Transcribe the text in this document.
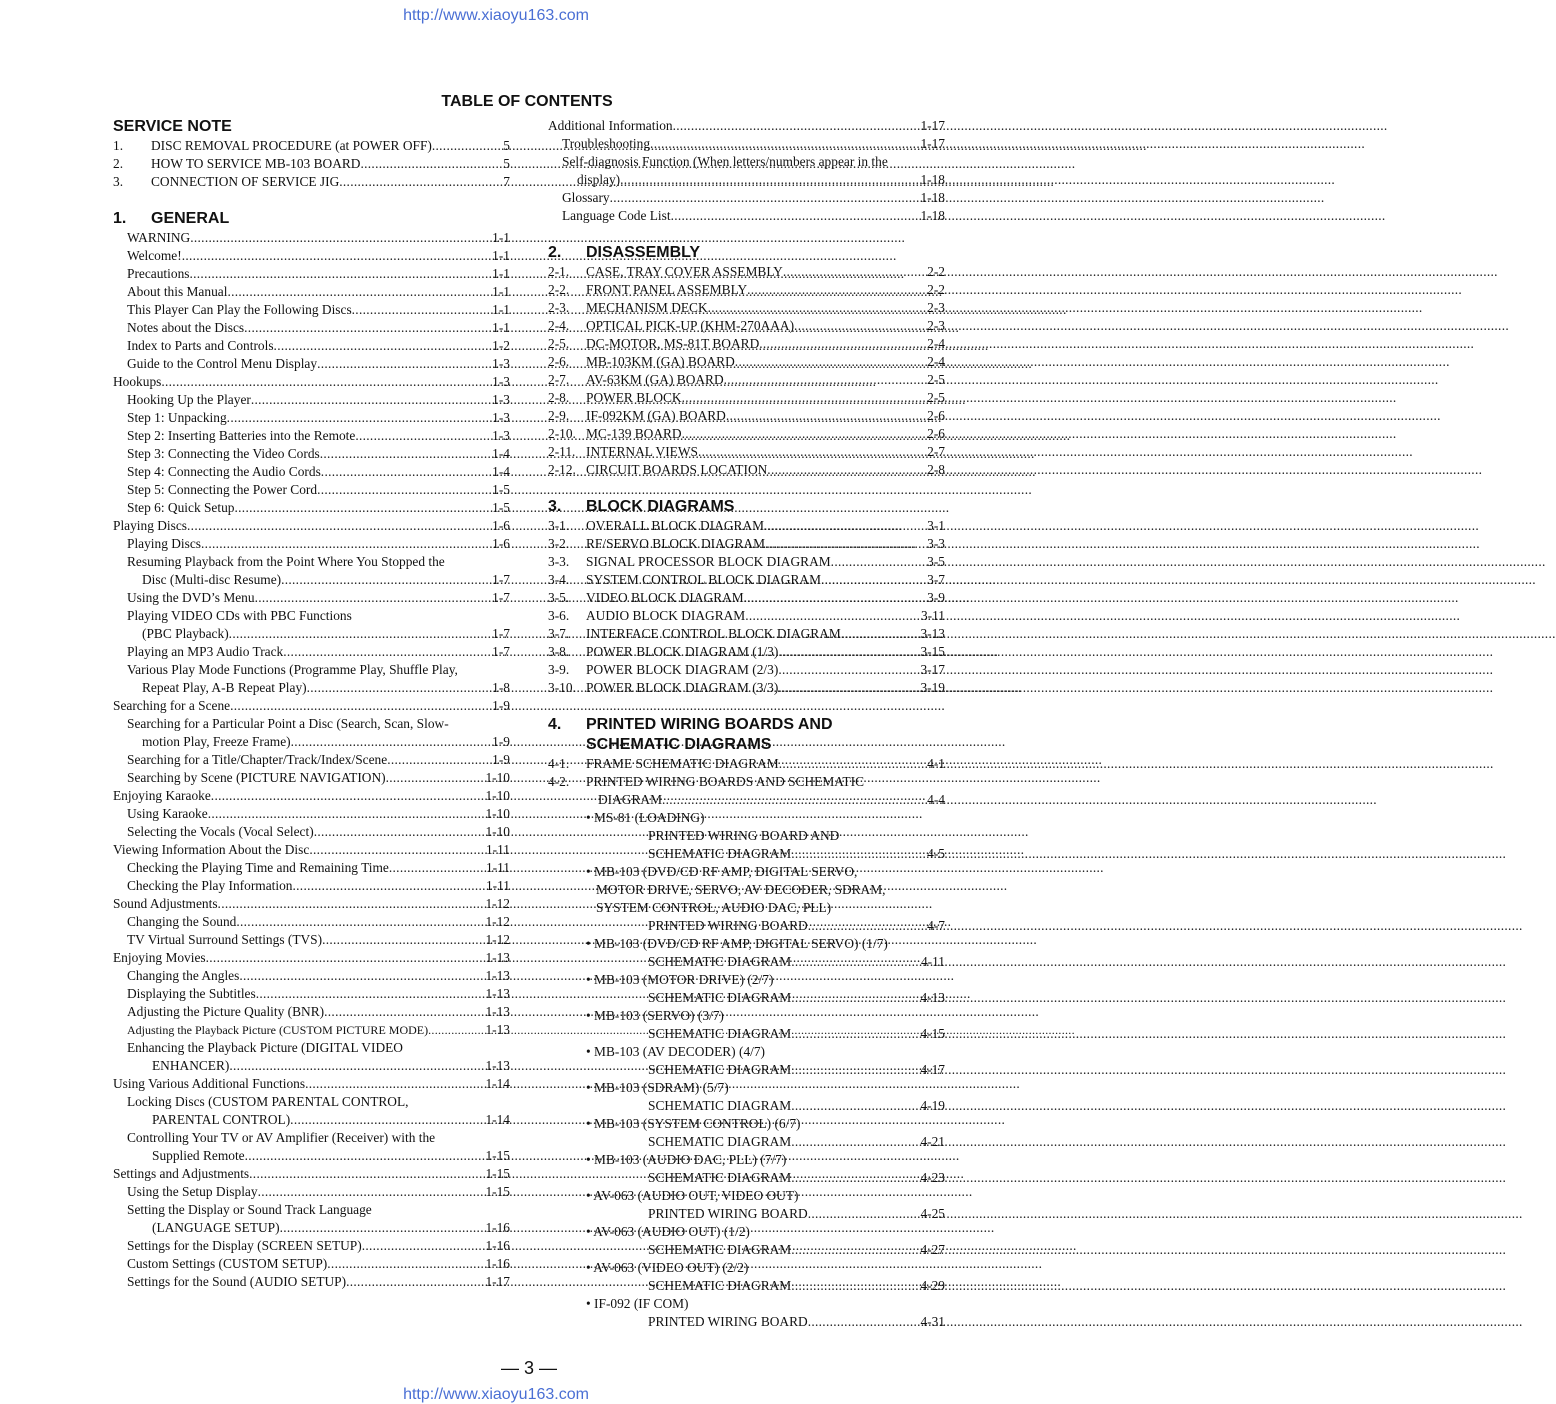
http://www.xiaoyu163.com
TABLE OF CONTENTS
SERVICE NOTE
1.	DISC REMOVAL PROCEDURE (at POWER OFF) .....	5
2.	HOW TO SERVICE MB-103 BOARD .....	5
3.	CONNECTION OF SERVICE JIG .....	7
1.	GENERAL
WARNING .....	1-1
Welcome! .....	1-1
Precautions .....	1-1
About this Manual .....	1-1
This Player Can Play the Following Discs .....	1-1
Notes about the Discs .....	1-1
Index to Parts and Controls .....	1-2
Guide to the Control Menu Display .....	1-3
Hookups .....	1-3
Hooking Up the Player .....	1-3
Step 1: Unpacking .....	1-3
Step 2: Inserting Batteries into the Remote .....	1-3
Step 3: Connecting the Video Cords .....	1-4
Step 4: Connecting the Audio Cords .....	1-4
Step 5: Connecting the Power Cord .....	1-5
Step 6: Quick Setup .....	1-5
Playing Discs .....	1-6
Playing Discs .....	1-6
Resuming Playback from the Point Where You Stopped the
Disc (Multi-disc Resume) .....	1-7
Using the DVD’s Menu .....	1-7
Playing VIDEO CDs with PBC Functions
(PBC Playback) .....	1-7
Playing an MP3 Audio Track .....	1-7
Various Play Mode Functions (Programme Play, Shuffle Play,
Repeat Play, A-B Repeat Play) .....	1-8
Searching for a Scene .....	1-9
Searching for a Particular Point a Disc (Search, Scan, Slow-
motion Play, Freeze Frame) .....	1-9
Searching for a Title/Chapter/Track/Index/Scene .....	1-9
Searching by Scene (PICTURE NAVIGATION) .....	1-10
Enjoying Karaoke .....	1-10
Using Karaoke .....	1-10
Selecting the Vocals (Vocal Select) .....	1-10
Viewing Information About the Disc .....	1-11
Checking the Playing Time and Remaining Time .....	1-11
Checking the Play Information .....	1-11
Sound Adjustments .....	1-12
Changing the Sound .....	1-12
TV Virtual Surround Settings (TVS) .....	1-12
Enjoying Movies .....	1-13
Changing the Angles .....	1-13
Displaying the Subtitles .....	1-13
Adjusting the Picture Quality (BNR) .....	1-13
Adjusting the Playback Picture (CUSTOM PICTURE MODE) .....	1-13
Enhancing the Playback Picture (DIGITAL VIDEO
ENHANCER) .....	1-13
Using Various Additional Functions .....	1-14
Locking Discs (CUSTOM PARENTAL CONTROL,
PARENTAL CONTROL) .....	1-14
Controlling Your TV or AV Amplifier (Receiver) with the
Supplied Remote .....	1-15
Settings and Adjustments .....	1-15
Using the Setup Display .....	1-15
Setting the Display or Sound Track Language
(LANGUAGE SETUP) .....	1-16
Settings for the Display (SCREEN SETUP) .....	1-16
Custom Settings (CUSTOM SETUP) .....	1-16
Settings for the Sound (AUDIO SETUP) .....	1-17
Additional Information .....	1-17
Troubleshooting .....	1-17
Self-diagnosis Function (When letters/numbers appear in the
display) .....	1-18
Glossary .....	1-18
Language Code List .....	1-18
2.	DISASSEMBLY
2-1.	CASE, TRAY COVER ASSEMBLY .....	2-2
2-2.	FRONT PANEL ASSEMBLY .....	2-2
2-3.	MECHANISM DECK .....	2-3
2-4.	OPTICAL PICK-UP (KHM-270AAA) .....	2-3
2-5.	DC-MOTOR, MS-81T BOARD .....	2-4
2-6.	MB-103KM (GA) BOARD .....	2-4
2-7.	AV-63KM (GA) BOARD .....	2-5
2-8.	POWER BLOCK .....	2-5
2-9.	IF-092KM (GA) BOARD .....	2-6
2-10. MC-139 BOARD .....	2-6
2-11. INTERNAL VIEWS .....	2-7
2-12. CIRCUIT BOARDS LOCATION .....	2-8
3.	BLOCK DIAGRAMS
3-1.	OVERALL BLOCK DIAGRAM .....	3-1
3-2.	RF/SERVO BLOCK DIAGRAM .....	3-3
3-3.	SIGNAL PROCESSOR BLOCK DIAGRAM .....	3-5
3-4.	SYSTEM CONTROL BLOCK DIAGRAM .....	3-7
3-5.	VIDEO BLOCK DIAGRAM .....	3-9
3-6.	AUDIO BLOCK DIAGRAM .....	3-11
3-7.	INTERFACE CONTROL BLOCK DIAGRAM .....	3-13
3-8.	POWER BLOCK DIAGRAM (1/3) .....	3-15
3-9.	POWER BLOCK DIAGRAM (2/3) .....	3-17
3-10. POWER BLOCK DIAGRAM (3/3) .....	3-19
4.	PRINTED WIRING BOARDS AND
SCHEMATIC DIAGRAMS
4-1.	FRAME SCHEMATIC DIAGRAM .....	4-1
4-2.	PRINTED WIRING BOARDS AND SCHEMATIC
DIAGRAM .....	4-4
• MS-81 (LOADING)
PRINTED WIRING BOARD AND
SCHEMATIC DIAGRAM .....	4-5
• MB-103 (DVD/CD RF AMP, DIGITAL SERVO,
MOTOR DRIVE, SERVO, AV DECODER, SDRAM,
SYSTEM CONTROL, AUDIO DAC, PLL)
PRINTED WIRING BOARD .....	4-7
• MB-103 (DVD/CD RF AMP, DIGITAL SERVO) (1/7)
SCHEMATIC DIAGRAM .....	4-11
• MB-103 (MOTOR DRIVE) (2/7)
SCHEMATIC DIAGRAM .....	4-13
• MB-103 (SERVO) (3/7)
SCHEMATIC DIAGRAM .....	4-15
• MB-103 (AV DECODER) (4/7)
SCHEMATIC DIAGRAM .....	4-17
• MB-103 (SDRAM) (5/7)
SCHEMATIC DIAGRAM .....	4-19
• MB-103 (SYSTEM CONTROL) (6/7)
SCHEMATIC DIAGRAM .....	4-21
• MB-103 (AUDIO DAC, PLL) (7/7)
SCHEMATIC DIAGRAM .....	4-23
• AV-063 (AUDIO OUT, VIDEO OUT)
PRINTED WIRING BOARD .....	4-25
• AV-063 (AUDIO OUT) (1/2)
SCHEMATIC DIAGRAM .....	4-27
• AV-063 (VIDEO OUT) (2/2)
SCHEMATIC DIAGRAM .....	4-29
• IF-092 (IF COM)
PRINTED WIRING BOARD .....	4-31
— 3 —
http://www.xiaoyu163.com
